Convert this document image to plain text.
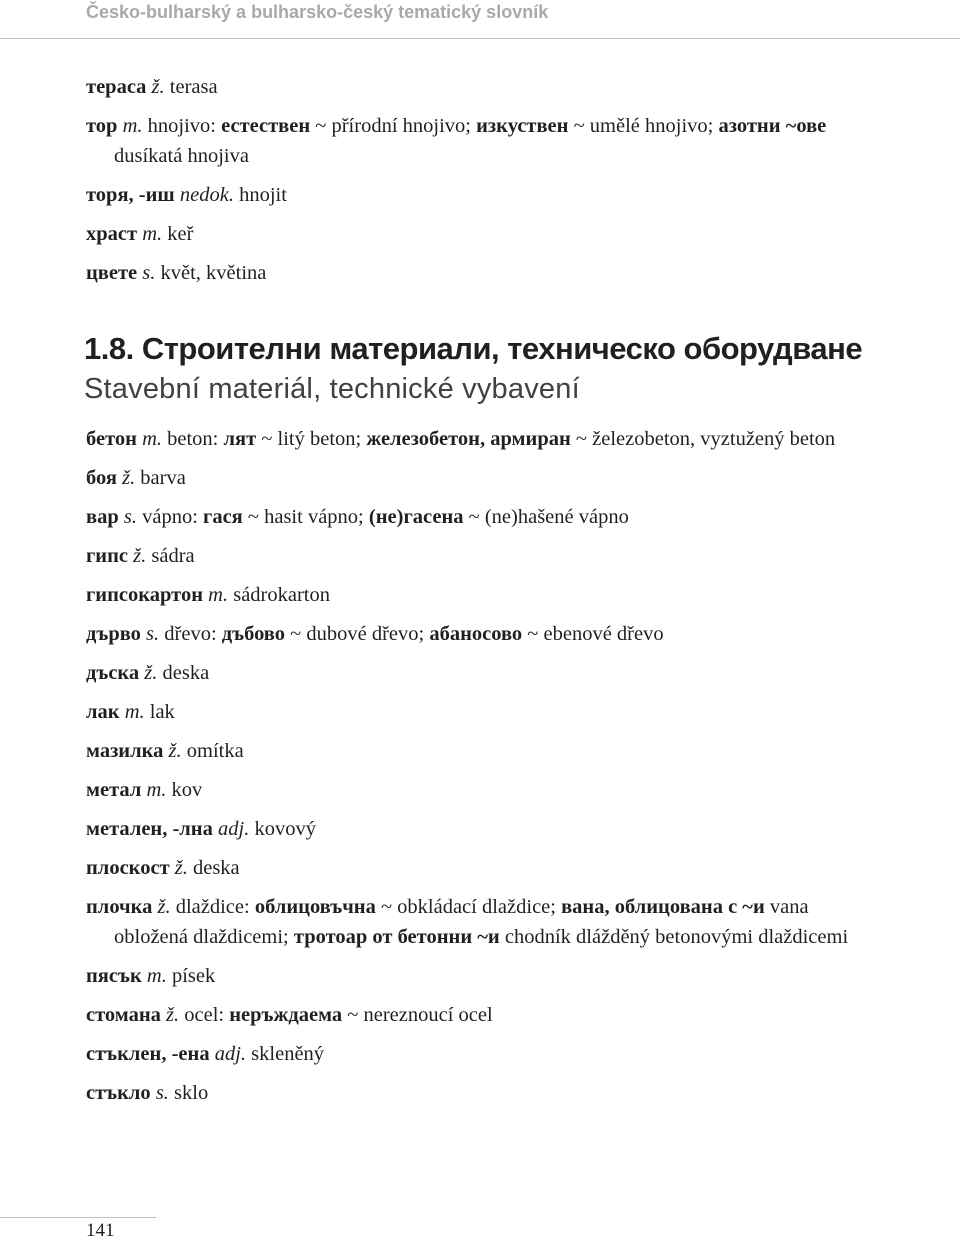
Česko-bulharský a bulharsko-český tematický slovník
тераса ž. terasa
тор m. hnojivo: естествен ~ přírodní hnojivo; изкуствен ~ umělé hnojivo; азотни ~ове dusíkatá hnojiva
торя, -иш nedok. hnojit
храст m. keř
цвете s. květ, květina
1.8. Строителни материали, техническо оборудване
Stavební materiál, technické vybavení
бетон m. beton: лят ~ litý beton; железобетон, армиран ~ železobeton, vyztužený beton
боя ž. barva
вар s. vápno: гася ~ hasit vápno; (не)гасена ~ (ne)hašené vápno
гипс ž. sádra
гипсокартон m. sádrokarton
дърво s. dřevo: дъбово ~ dubové dřevo; абаносово ~ ebenové dřevo
дъска ž. deska
лак m. lak
мазилка ž. omítka
метал m. kov
метален, -лна adj. kovový
плоскост ž. deska
плочка ž. dlaždice: облицовъчна ~ obkládací dlaždice; вана, облицована с ~и vana obložená dlaždicemi; тротоар от бетонни ~и chodník dlážděný betonovými dlaždicemi
пясък m. písek
стомана ž. ocel: неръждаема ~ nereznoucí ocel
стъклен, -ена adj. skleněný
стъкло s. sklo
141
